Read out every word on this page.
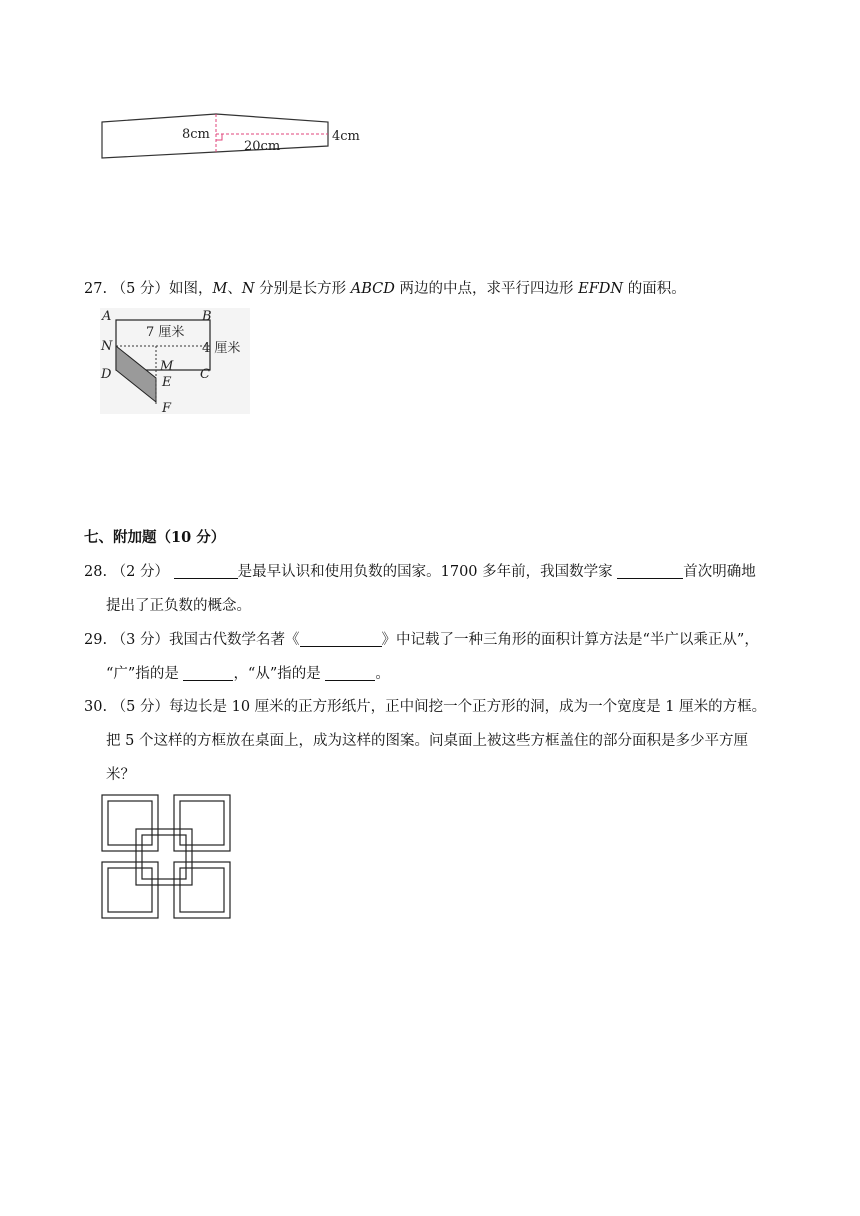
8cm
20cm
4cm
27. （5 分）如图，M、N 分别是长方形 ABCD 两边的中点，求平行四边形 EFDN 的面积。
A	B
N
D	C
M
E
F
7 厘米
4 厘米
七、附加题（10 分）
28. （2 分）	是最早认识和使用负数的国家。1700 多年前，我国数学家	首次明确地
提出了正负数的概念。
29. （3 分）我国古代数学名著《	》中记载了一种三角形的面积计算方法是“半广以乘正从”，
“广”指的是	，“从”指的是	。
30. （5 分）每边长是 10 厘米的正方形纸片，正中间挖一个正方形的洞，成为一个宽度是 1 厘米的方框。
把 5 个这样的方框放在桌面上，成为这样的图案。问桌面上被这些方框盖住的部分面积是多少平方厘
米？
